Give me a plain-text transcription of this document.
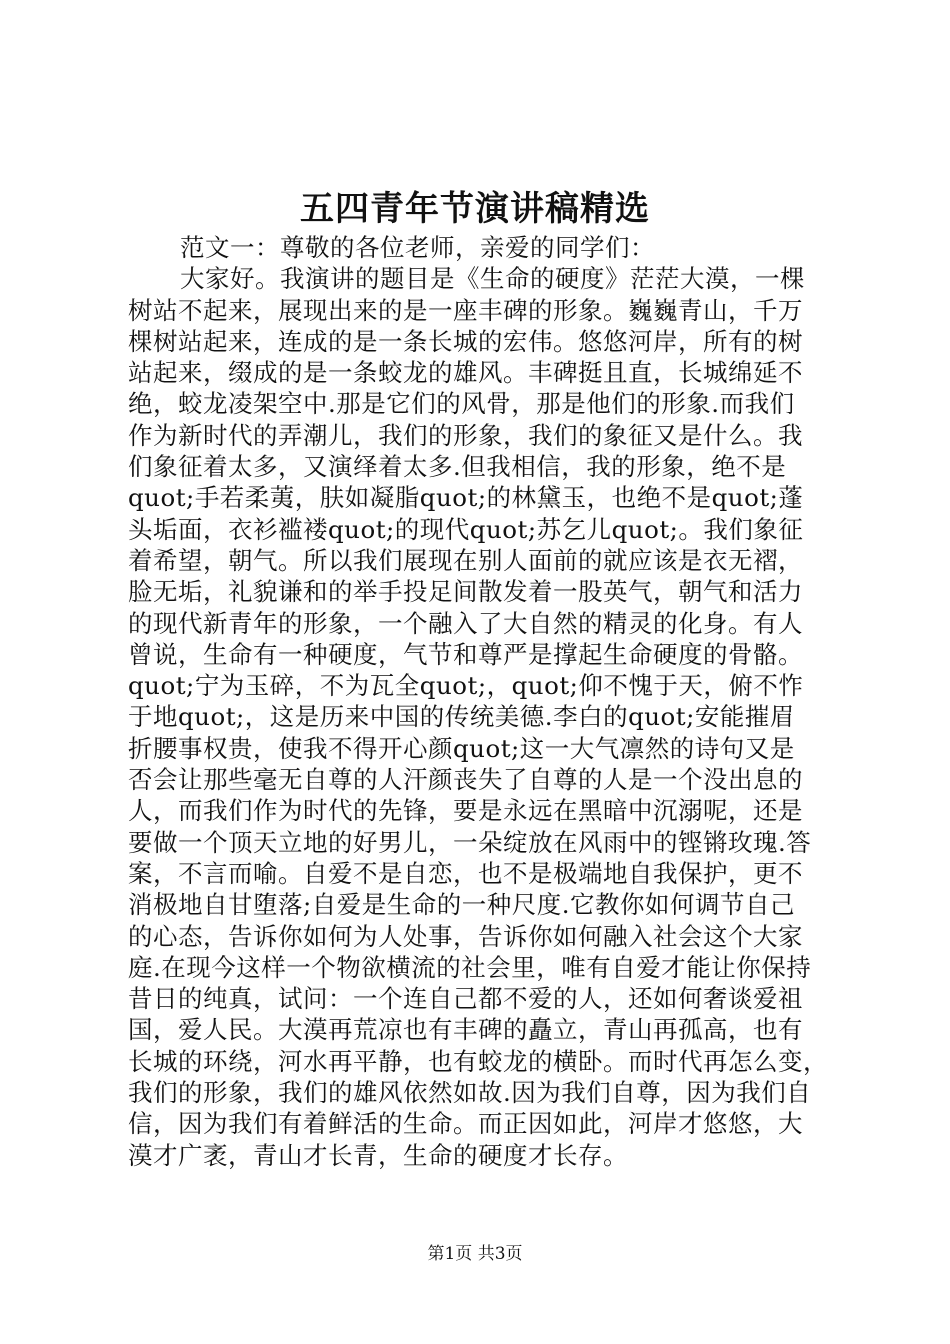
五四青年节演讲稿精选
范文一：尊敬的各位老师，亲爱的同学们：
大家好。我演讲的题目是《生命的硬度》茫茫大漠，一棵
树站不起来，展现出来的是一座丰碑的形象。巍巍青山，千万
棵树站起来，连成的是一条长城的宏伟。悠悠河岸，所有的树
站起来，缀成的是一条蛟龙的雄风。丰碑挺且直，长城绵延不
绝，蛟龙凌架空中.那是它们的风骨，那是他们的形象.而我们
作为新时代的弄潮儿，我们的形象，我们的象征又是什么。我
们象征着太多，又演绎着太多.但我相信，我的形象，绝不是
quot;手若柔荑，肤如凝脂quot;的林黛玉，也绝不是quot;蓬
头垢面，衣衫褴褛quot;的现代quot;苏乞儿quot;。我们象征
着希望，朝气。所以我们展现在别人面前的就应该是衣无褶，
脸无垢，礼貌谦和的举手投足间散发着一股英气，朝气和活力
的现代新青年的形象，一个融入了大自然的精灵的化身。有人
曾说，生命有一种硬度，气节和尊严是撑起生命硬度的骨骼。
quot;宁为玉碎，不为瓦全quot;，quot;仰不愧于天，俯不怍
于地quot;，这是历来中国的传统美德.李白的quot;安能摧眉
折腰事权贵，使我不得开心颜quot;这一大气凛然的诗句又是
否会让那些毫无自尊的人汗颜丧失了自尊的人是一个没出息的
人，而我们作为时代的先锋，要是永远在黑暗中沉溺呢，还是
要做一个顶天立地的好男儿，一朵绽放在风雨中的铿锵玫瑰.答
案，不言而喻。自爱不是自恋，也不是极端地自我保护，更不
消极地自甘堕落;自爱是生命的一种尺度.它教你如何调节自己
的心态，告诉你如何为人处事，告诉你如何融入社会这个大家
庭.在现今这样一个物欲横流的社会里，唯有自爱才能让你保持
昔日的纯真，试问：一个连自己都不爱的人，还如何奢谈爱祖
国，爱人民。大漠再荒凉也有丰碑的矗立，青山再孤高，也有
长城的环绕，河水再平静，也有蛟龙的横卧。而时代再怎么变，
我们的形象，我们的雄风依然如故.因为我们自尊，因为我们自
信，因为我们有着鲜活的生命。而正因如此，河岸才悠悠，大
漠才广袤，青山才长青，生命的硬度才长存。
第1页 共3页
